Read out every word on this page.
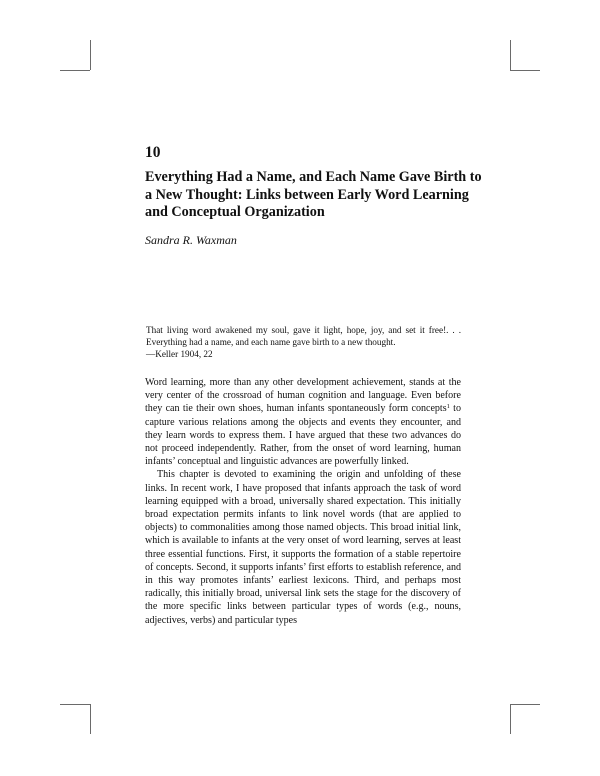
10
Everything Had a Name, and Each Name Gave Birth to a New Thought: Links between Early Word Learning and Conceptual Organization
Sandra R. Waxman
That living word awakened my soul, gave it light, hope, joy, and set it free!. . . Everything had a name, and each name gave birth to a new thought.
—Keller 1904, 22

Word learning, more than any other development achievement, stands at the very center of the crossroad of human cognition and language. Even before they can tie their own shoes, human infants spontaneously form concepts$^1$ to capture various relations among the objects and events they encounter, and they learn words to express them. I have argued that these two advances do not proceed independently. Rather, from the onset of word learning, human infants’ conceptual and linguistic advances are powerfully linked.

This chapter is devoted to examining the origin and unfolding of these links. In recent work, I have proposed that infants approach the task of word learning equipped with a broad, universally shared expectation. This initially broad expectation permits infants to link novel words (that are applied to objects) to commonalities among those named objects. This broad initial link, which is available to infants at the very onset of word learning, serves at least three essential functions. First, it supports the formation of a stable repertoire of concepts. Second, it supports infants’ first efforts to establish reference, and in this way promotes infants’ earliest lexicons. Third, and perhaps most radically, this initially broad, universal link sets the stage for the discovery of the more specific links between particular types of words (e.g., nouns, adjectives, verbs) and particular types
